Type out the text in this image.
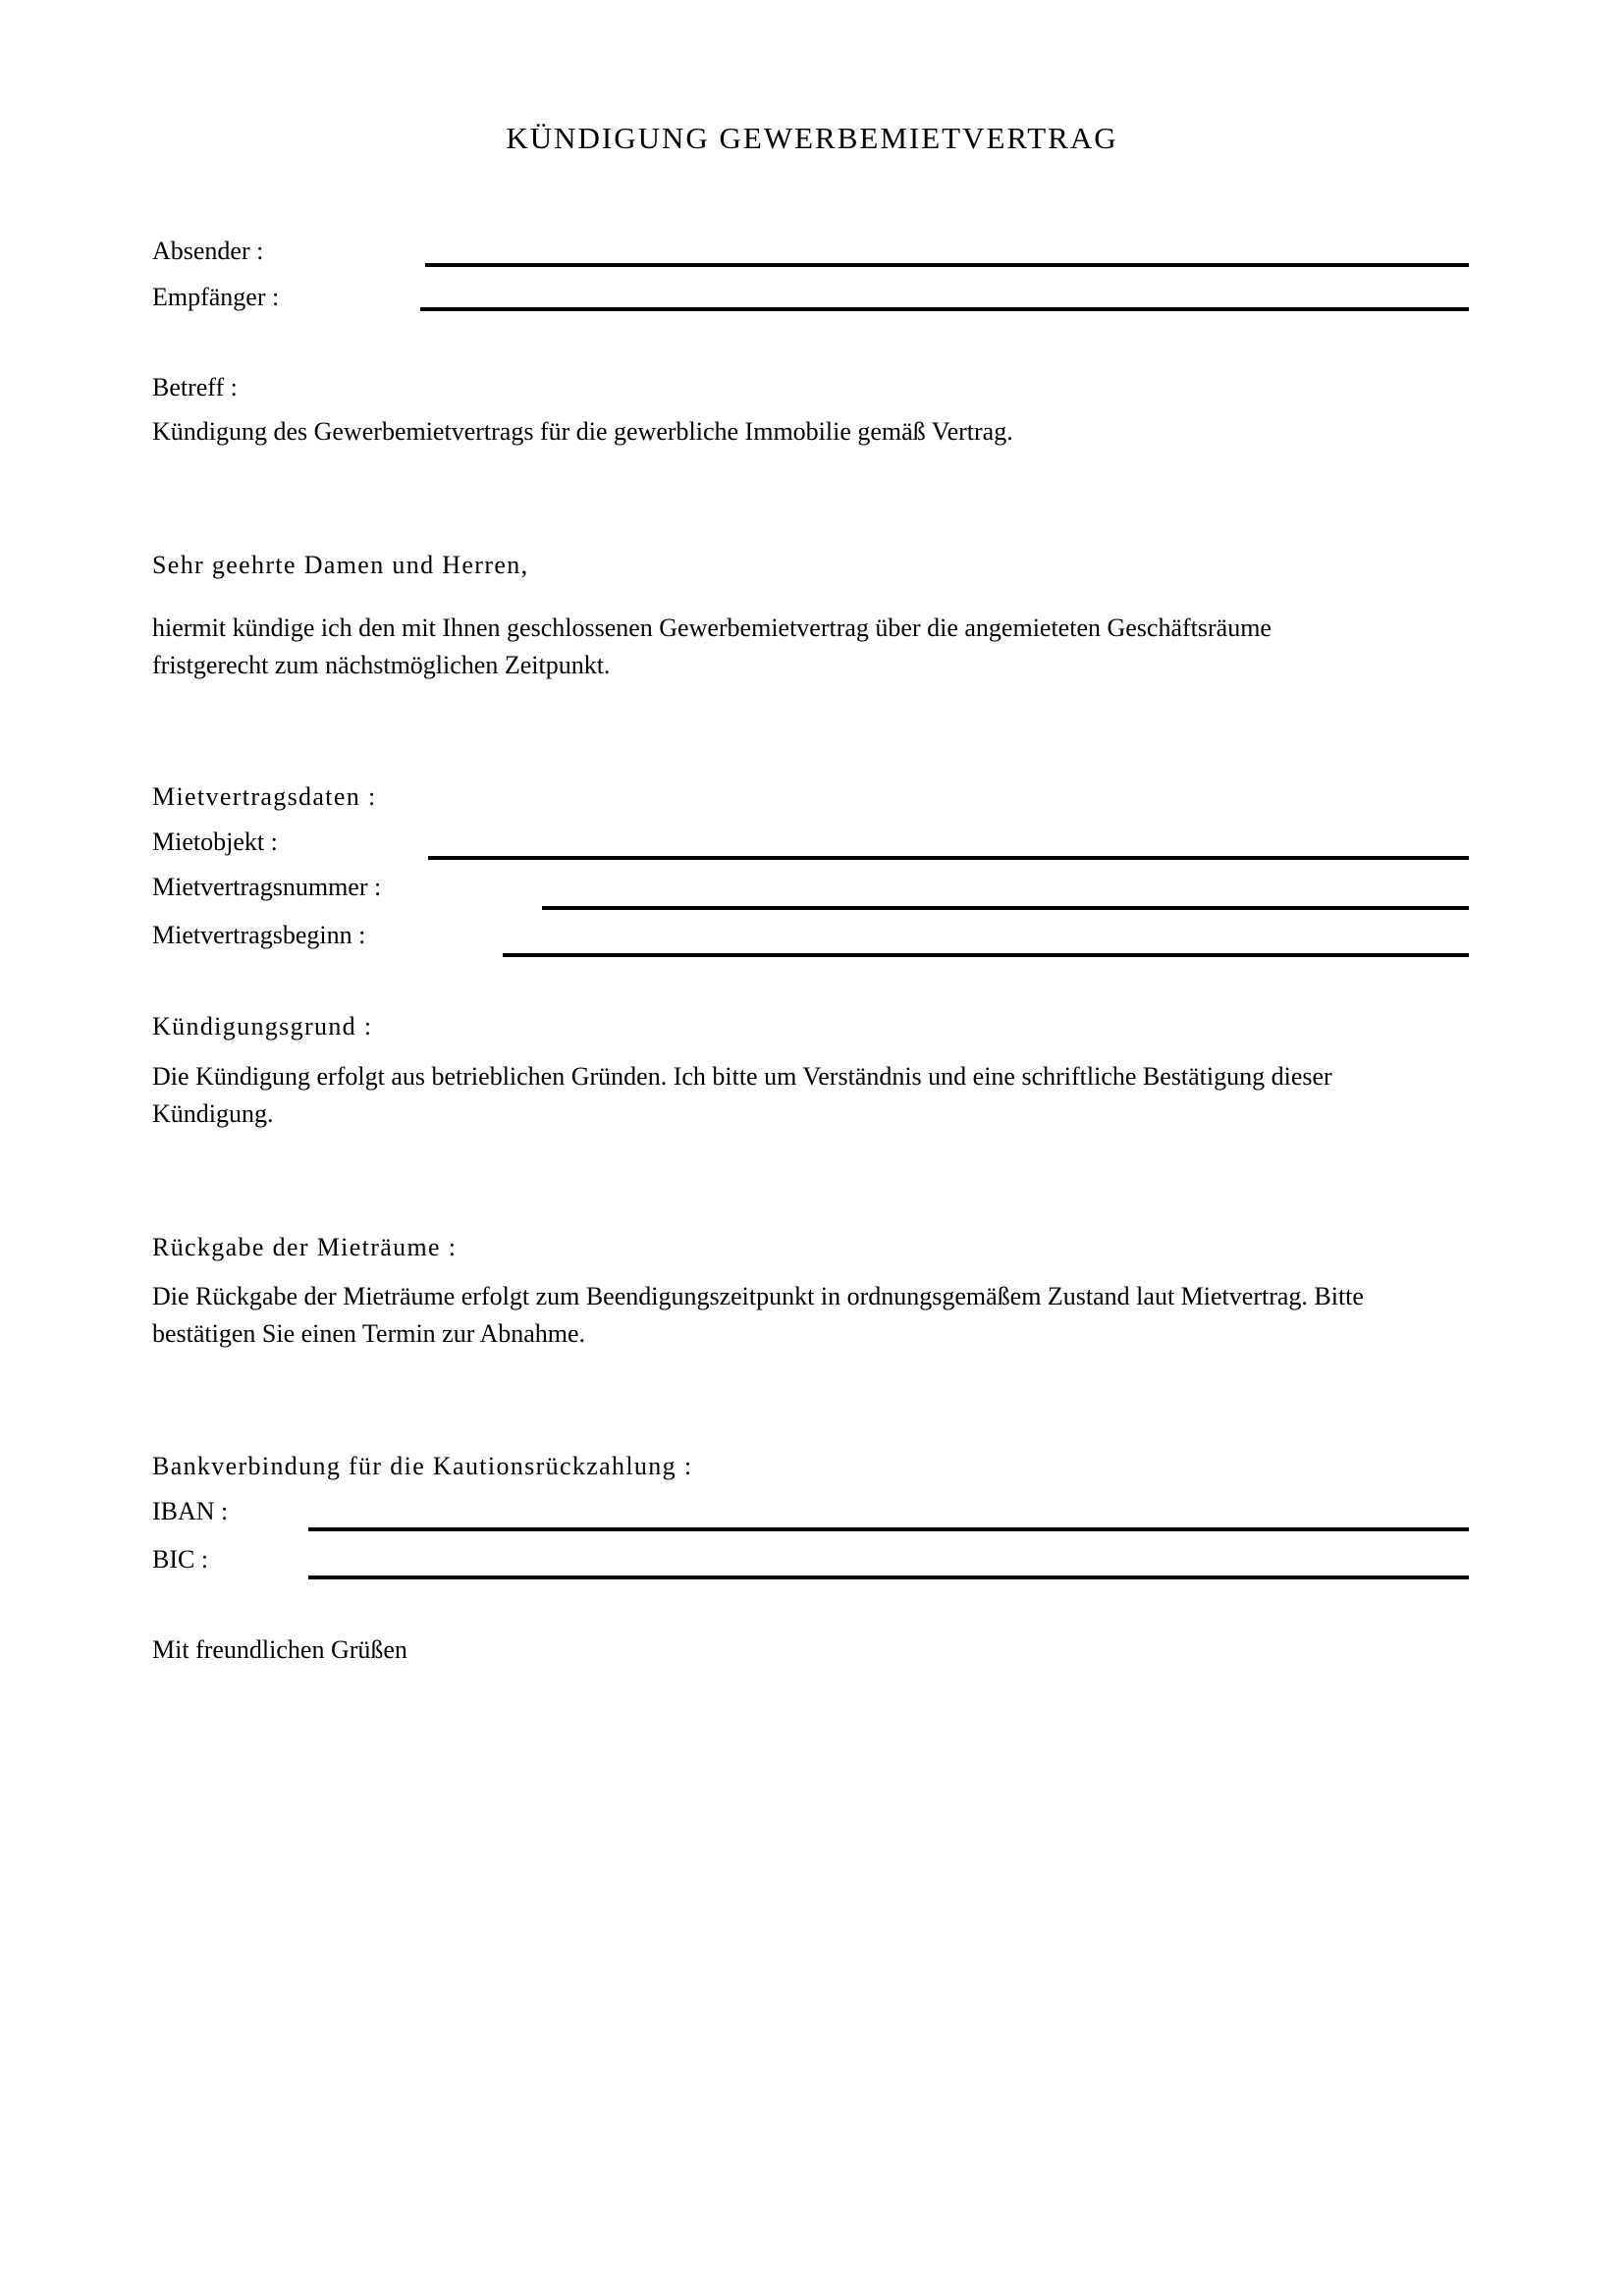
KÜNDIGUNG GEWERBEMIETVERTRAG
Absender :
Empfänger :
Betreff :
Kündigung des Gewerbemietvertrags für die gewerbliche Immobilie gemäß Vertrag.
Sehr geehrte Damen und Herren,
hiermit kündige ich den mit Ihnen geschlossenen Gewerbemietvertrag über die angemieteten Geschäftsräume fristgerecht zum nächstmöglichen Zeitpunkt.
Mietvertragsdaten :
Mietobjekt :
Mietvertragsnummer :
Mietvertragsbeginn :
Kündigungsgrund :
Die Kündigung erfolgt aus betrieblichen Gründen. Ich bitte um Verständnis und eine schriftliche Bestätigung dieser Kündigung.
Rückgabe der Mieträume :
Die Rückgabe der Mieträume erfolgt zum Beendigungszeitpunkt in ordnungsgemäßem Zustand laut Mietvertrag. Bitte bestätigen Sie einen Termin zur Abnahme.
Bankverbindung für die Kautionsrückzahlung :
IBAN :
BIC :
Mit freundlichen Grüßen
